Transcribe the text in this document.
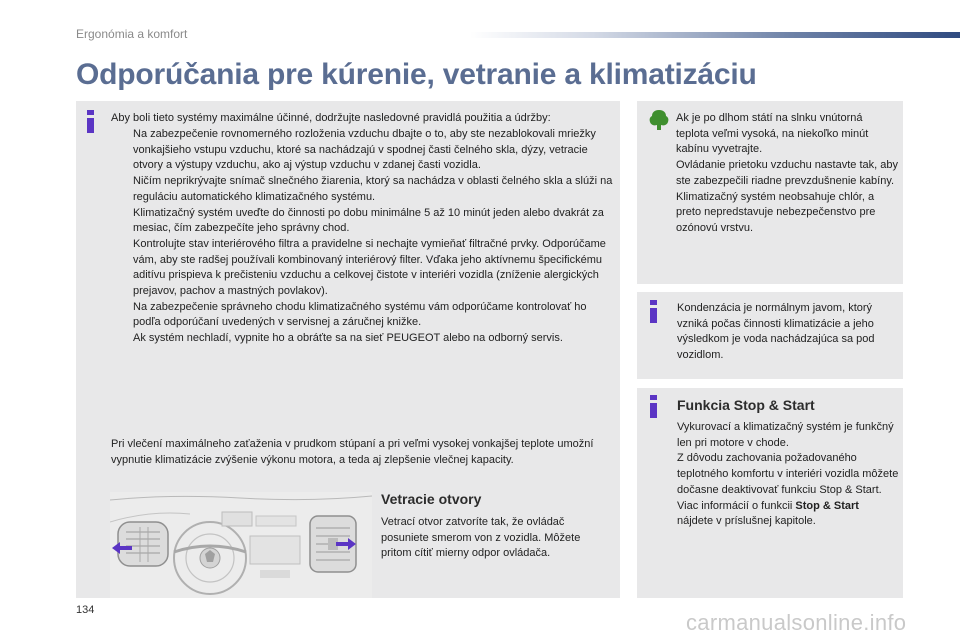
Ergonómia a komfort
Odporúčania pre kúrenie, vetranie a klimatizáciu

Aby boli tieto systémy maximálne účinné, dodržujte nasledovné pravidlá použitia a údržby:

Na zabezpečenie rovnomerného rozloženia vzduchu dbajte o to, aby ste nezablokovali mriežky vonkajšieho vstupu vzduchu, ktoré sa nachádzajú v spodnej časti čelného skla, dýzy, vetracie otvory a výstupy vzduchu, ako aj výstup vzduchu v zdanej časti vozidla.
Ničím neprikrývajte snímač slnečného žiarenia, ktorý sa nachádza v oblasti čelného skla a slúži na reguláciu automatického klimatizačného systému.
Klimatizačný systém uveďte do činnosti po dobu minimálne 5 až 10 minút jeden alebo dvakrát za mesiac, čím zabezpečíte jeho správny chod.
Kontrolujte stav interiérového filtra a pravidelne si nechajte vymieňať filtračné prvky. Odporúčame vám, aby ste radšej používali kombinovaný interiérový filter. Vďaka jeho aktívnemu špecifickému aditívu prispieva k prečisteniu vzduchu a celkovej čistote v interiéri vozidla (zníženie alergických prejavov, pachov a mastných povlakov).
Na zabezpečenie správneho chodu klimatizačného systému vám odporúčame kontrolovať ho podľa odporúčaní uvedených v servisnej a záručnej knižke.
Ak systém nechladí, vypnite ho a obráťte sa na sieť PEUGEOT alebo na odborný servis.

Pri vlečení maximálneho zaťaženia v prudkom stúpaní a pri veľmi vysokej vonkajšej teplote umožní vypnutie klimatizácie zvýšenie výkonu motora, a teda aj zlepšenie vlečnej kapacity.

Vetracie otvory

Vetrací otvor zatvoríte tak, že ovládač posuniete smerom von z vozidla. Môžete pritom cítiť mierny odpor ovládača.

Ak je po dlhom státí na slnku vnútorná teplota veľmi vysoká, na niekoľko minút kabínu vyvetrajte.
Ovládanie prietoku vzduchu nastavte tak, aby ste zabezpečili riadne prevzdušnenie kabíny.
Klimatizačný systém neobsahuje chlór, a preto nepredstavuje nebezpečenstvo pre ozónovú vrstvu.

Kondenzácia je normálnym javom, ktorý vzniká počas činnosti klimatizácie a jeho výsledkom je voda nachádzajúca sa pod vozidlom.

Funkcia Stop & Start

Vykurovací a klimatizačný systém je funkčný len pri motore v chode.
Z dôvodu zachovania požadovaného teplotného komfortu v interiéri vozidla môžete dočasne deaktivovať funkciu Stop & Start.
Viac informácií o funkcii Stop & Start
nájdete v príslušnej kapitole.

134	carmanualsonline.info
